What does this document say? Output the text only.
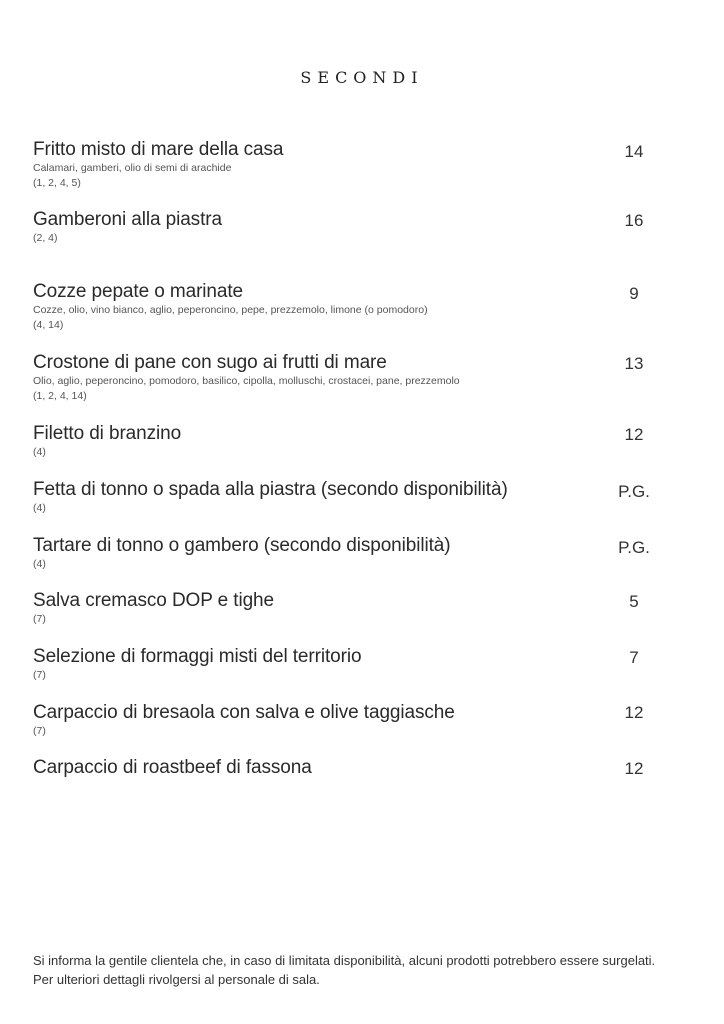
SECONDI
Fritto misto di mare della casa
Calamari, gamberi, olio di semi di arachide
(1, 2, 4, 5)
14
Gamberoni alla piastra
(2, 4)
16
Cozze pepate o marinate
Cozze, olio, vino bianco, aglio, peperoncino, pepe, prezzemolo, limone (o pomodoro)
(4, 14)
9
Crostone di pane con sugo ai frutti di mare
Olio, aglio, peperoncino, pomodoro, basilico, cipolla, molluschi, crostacei, pane, prezzemolo
(1, 2, 4, 14)
13
Filetto di branzino
(4)
12
Fetta di tonno o spada alla piastra (secondo disponibilità)
(4)
P.G.
Tartare di tonno o gambero (secondo disponibilità)
(4)
P.G.
Salva cremasco DOP e tighe
(7)
5
Selezione di formaggi misti del territorio
(7)
7
Carpaccio di bresaola con salva e olive taggiasche
(7)
12
Carpaccio di roastbeef di fassona	12
Si informa la gentile clientela che, in caso di limitata disponibilità, alcuni prodotti potrebbero essere surgelati. Per ulteriori dettagli rivolgersi al personale di sala.
